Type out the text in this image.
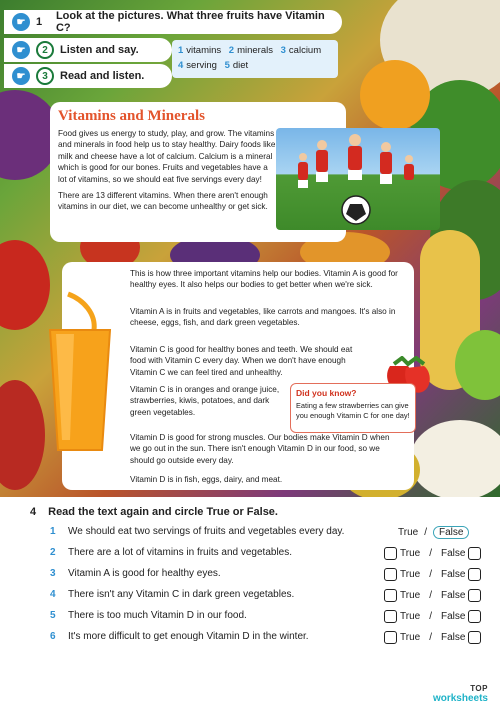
☛ 1	Look at the pictures. What three fruits have Vitamin C?
☛	2	Listen and say.
☛	3	Read and listen.
1 vitamins 2 minerals 3 calcium
4 serving 5 diet
Vitamins and Minerals

Food gives us energy to study, play, and grow. The vitamins and minerals in food help us to stay healthy. Dairy foods like milk and cheese have a lot of calcium. Calcium is a mineral which is good for our bones. Fruits and vegetables have a lot of vitamins, so we should eat five servings every day!

There are 13 different vitamins. When there aren't enough vitamins in our diet, we can become unhealthy or get sick.

This is how three important vitamins help our bodies. Vitamin A is good for healthy eyes. It also helps our bodies to get better when we're sick.
Vitamin A is in fruits and vegetables, like carrots and mangoes. It's also in cheese, eggs, fish, and dark green vegetables.
Vitamin C is good for healthy bones and teeth. We should eat food with Vitamin C every day. When we don't have enough Vitamin C we can feel tired and unhealthy.
Vitamin C is in oranges and orange juice, strawberries, kiwis, potatoes, and dark green vegetables.
Vitamin D is good for strong muscles. Our bodies make Vitamin D when we go out in the sun. There isn't enough Vitamin D in our food, so we should go outside every day.
Vitamin D is in fish, eggs, dairy, and meat.
Did you know?
Eating a few strawberries can give you enough Vitamin C for one day!
4 Read the text again and circle True or False.
1 We should eat two servings of fruits and vegetables every day.	True /	False
2 There are a lot of vitamins in fruits and vegetables.	True / False
3 Vitamin A is good for healthy eyes.	True / False
4 There isn't any Vitamin C in dark green vegetables.	True / False
5 There is too much Vitamin D in our food.	True / False
6 It's more difficult to get enough Vitamin D in the winter.	True / False
TOP
worksheets
